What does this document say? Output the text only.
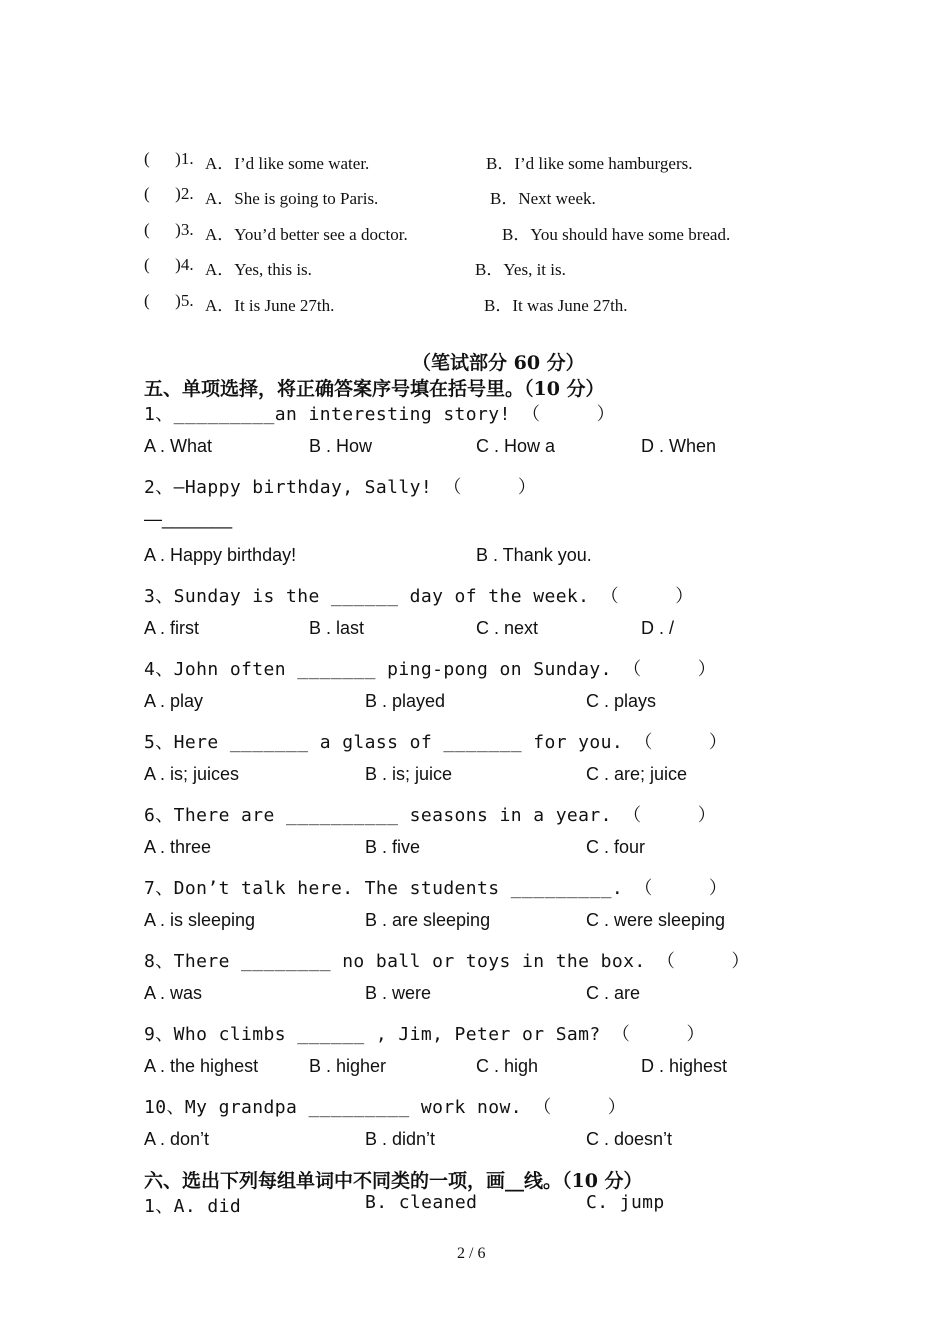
(      )1. A．I’d like some water.	B．I’d like some hamburgers.
(      )2. A．She is going to Paris.	B．Next week.
(      )3. A．You’d better see a doctor.	B．You should have some bread.
(      )4. A．Yes, this is.	B．Yes, it is.
(      )5. A．It is June 27th.	B．It was June 27th.
（笔试部分 60 分）
五、单项选择，将正确答案序号填在括号里。（10 分）
1、_________an interesting story! （     ）
A . What	B . How	C . How a	D . When
2、—Happy birthday, Sally! （     ）
—_______
A . Happy birthday!	B . Thank you.
3、Sunday is the ______ day of the week. （     ）
A . first	B . last	C . next	D . /
4、John often _______ ping-pong on Sunday. （     ）
A . play	B . played	C . plays
5、Here _______ a glass of _______ for you. （     ）
A . is; juices	B . is; juice	C . are; juice
6、There are __________ seasons in a year. （     ）
A . three	B . five	C . four
7、Don’t talk here. The students _________. （     ）
A . is sleeping	B . are sleeping	C . were sleeping
8、There ________ no ball or toys in the box. （     ）
A . was	B . were	C . are
9、Who climbs ______ , Jim, Peter or Sam? （     ）
A . the highest	B . higher	C . high	D . highest
10、My grandpa _________ work now. （     ）
A . don’t	B . didn’t	C . doesn’t
六、选出下列每组单词中不同类的一项，画__线。（10 分）
1、A. did	B. cleaned	C. jump
2 / 6
